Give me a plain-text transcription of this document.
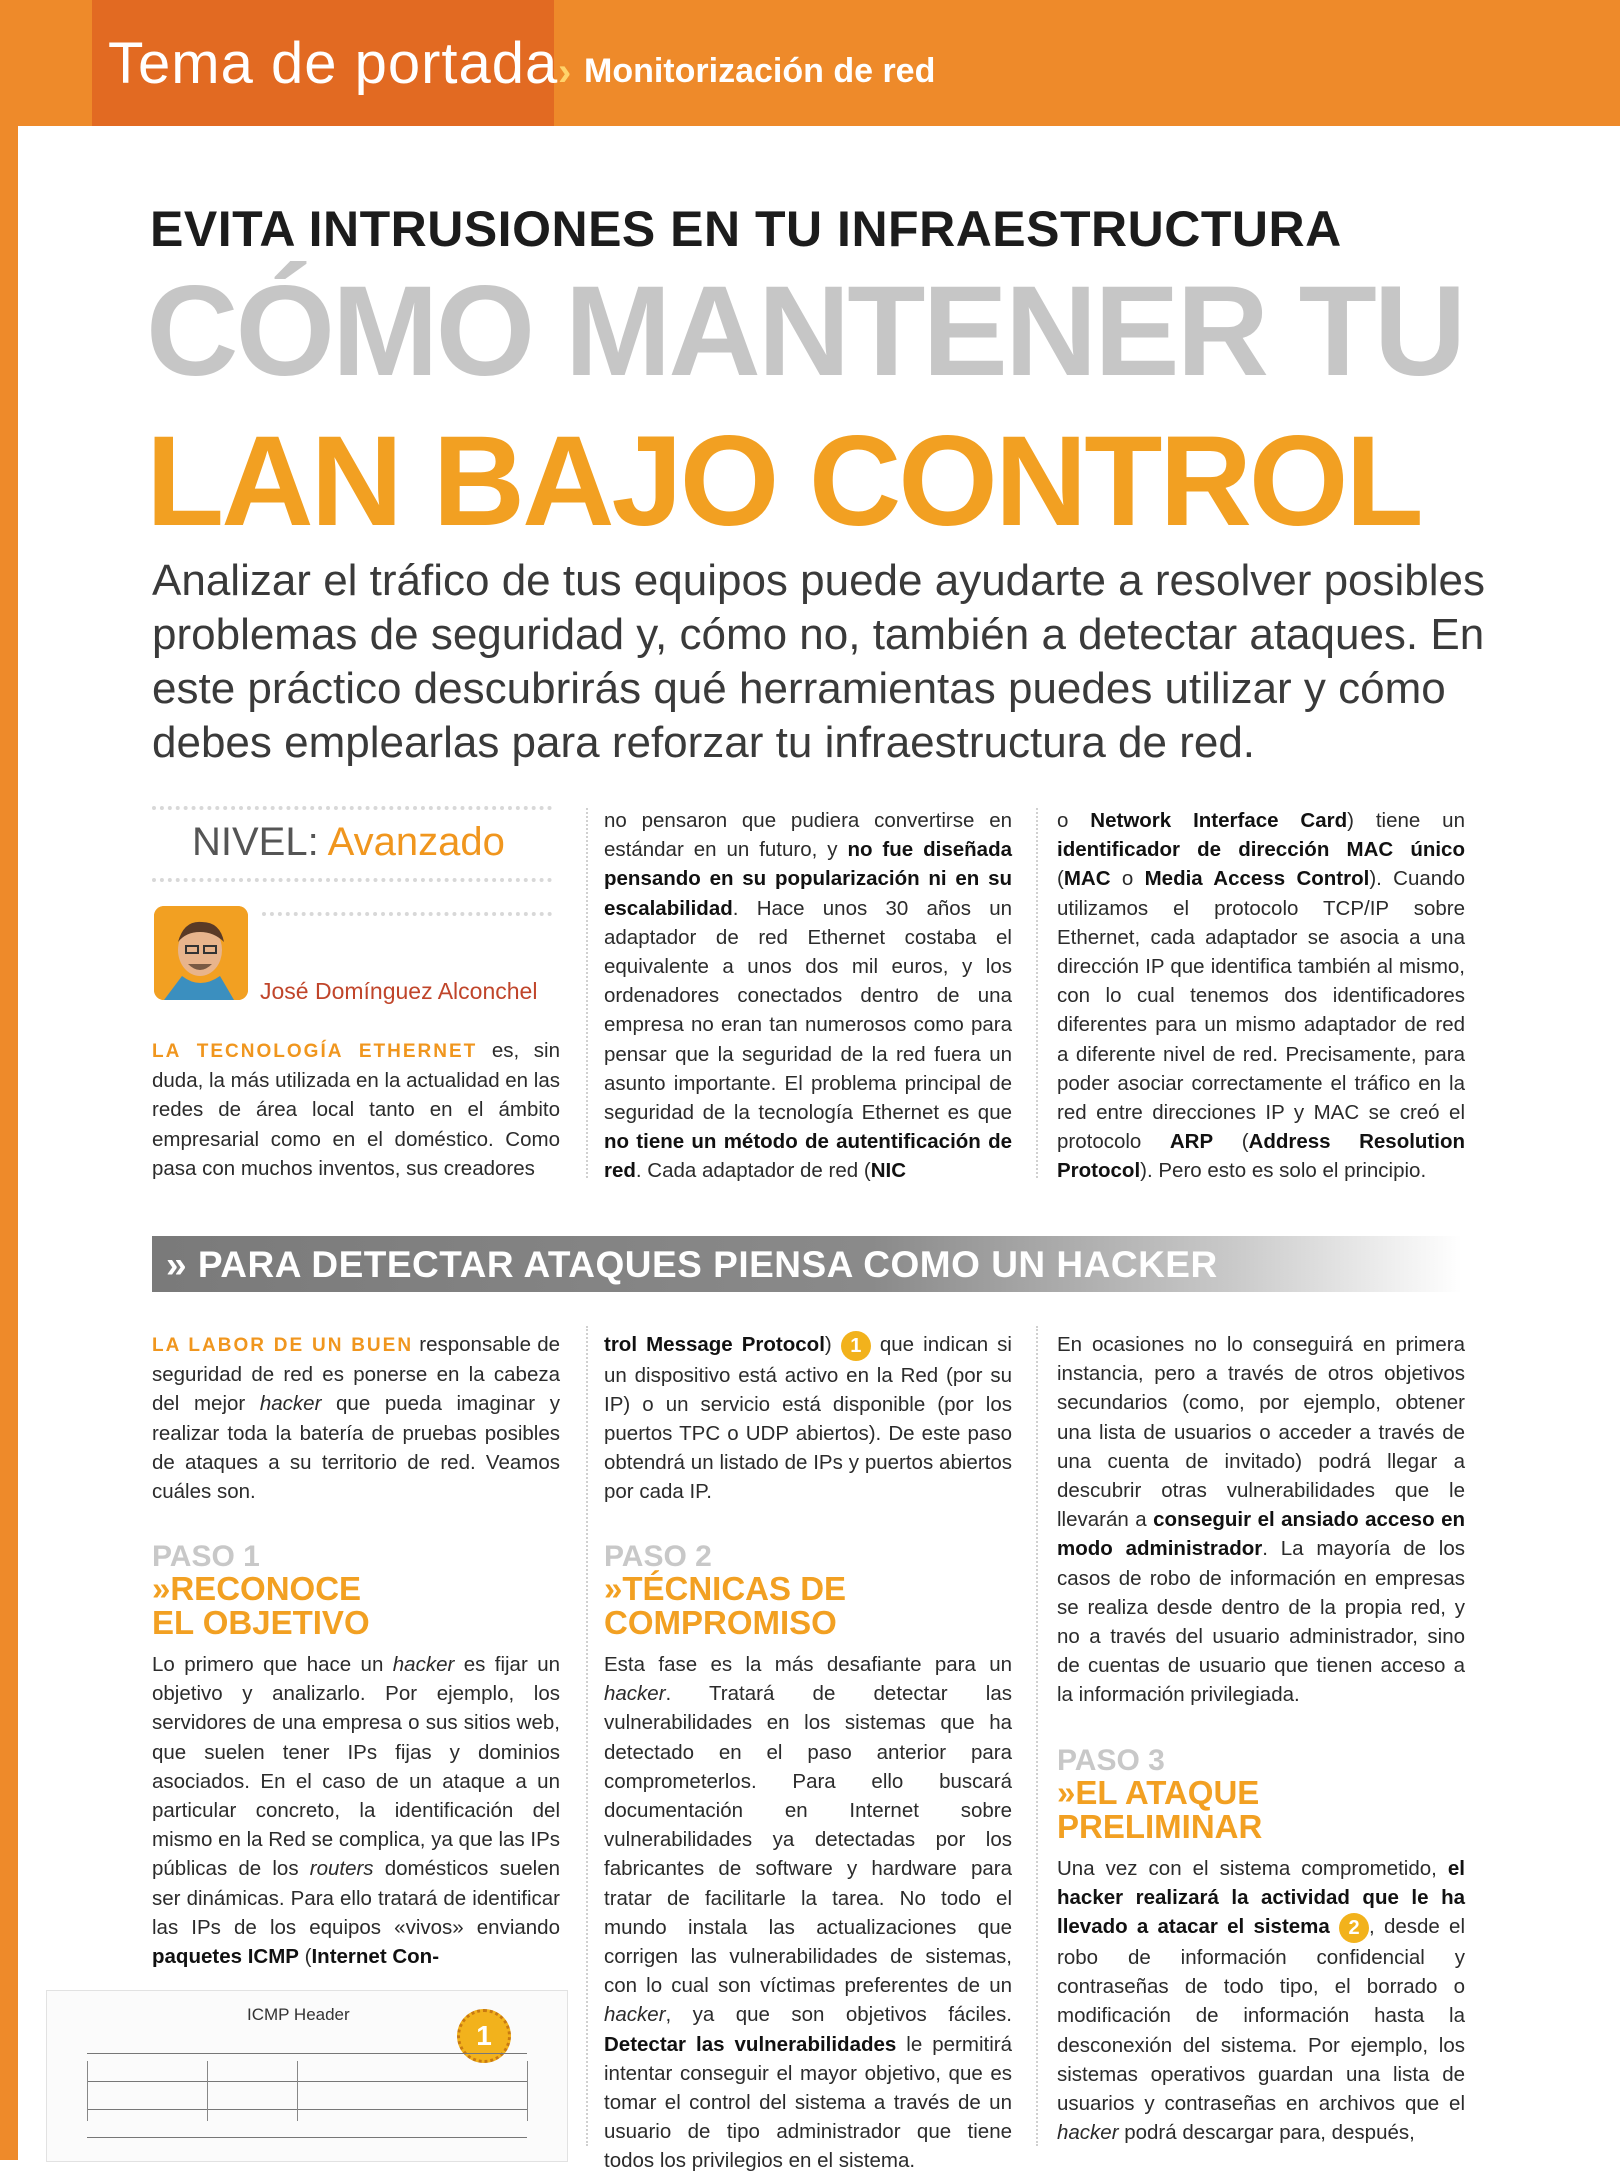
Tema de portada › Monitorización de red
EVITA INTRUSIONES EN TU INFRAESTRUCTURA
CÓMO MANTENER TU
LAN BAJO CONTROL
Analizar el tráfico de tus equipos puede ayudarte a resolver posibles problemas de seguridad y, cómo no, también a detectar ataques. En este práctico descubrirás qué herramientas puedes utilizar y cómo debes emplearlas para reforzar tu infraestructura de red.
NIVEL: Avanzado
José Domínguez Alconchel
LA TECNOLOGÍA ETHERNET es, sin duda, la más utilizada en la actualidad en las redes de área local tanto en el ámbito empresarial como en el doméstico. Como pasa con muchos inventos, sus creadores
no pensaron que pudiera convertirse en estándar en un futuro, y no fue diseñada pensando en su popularización ni en su escalabilidad. Hace unos 30 años un adaptador de red Ethernet costaba el equivalente a unos dos mil euros, y los ordenadores conectados dentro de una empresa no eran tan numerosos como para pensar que la seguridad de la red fuera un asunto importante. El problema principal de seguridad de la tecnología Ethernet es que no tiene un método de autentificación de red. Cada adaptador de red (NIC
o Network Interface Card) tiene un identificador de dirección MAC único (MAC o Media Access Control). Cuando utilizamos el protocolo TCP/IP sobre Ethernet, cada adaptador se asocia a una dirección IP que identifica también al mismo, con lo cual tenemos dos identificadores diferentes para un mismo adaptador de red a diferente nivel de red. Precisamente, para poder asociar correctamente el tráfico en la red entre direcciones IP y MAC se creó el protocolo ARP (Address Resolution Protocol). Pero esto es solo el principio.
» PARA DETECTAR ATAQUES PIENSA COMO UN HACKER
LA LABOR DE UN BUEN responsable de seguridad de red es ponerse en la cabeza del mejor hacker que pueda imaginar y realizar toda la batería de pruebas posibles de ataques a su territorio de red. Veamos cuáles son.
PASO 1
»RECONOCE
EL OBJETIVO
Lo primero que hace un hacker es fijar un objetivo y analizarlo. Por ejemplo, los servidores de una empresa o sus sitios web, que suelen tener IPs fijas y dominios asociados. En el caso de un ataque a un particular concreto, la identificación del mismo en la Red se complica, ya que las IPs públicas de los routers domésticos suelen ser dinámicas. Para ello tratará de identificar las IPs de los equipos «vivos» enviando paquetes ICMP (Internet Con-
ICMP Header
1
trol Message Protocol) 1 que indican si un dispositivo está activo en la Red (por su IP) o un servicio está disponible (por los puertos TPC o UDP abiertos). De este paso obtendrá un listado de IPs y puertos abiertos por cada IP.
PASO 2
»TÉCNICAS DE
COMPROMISO
Esta fase es la más desafiante para un hacker. Tratará de detectar las vulnerabilidades en los sistemas que ha detectado en el paso anterior para comprometerlos. Para ello buscará documentación en Internet sobre vulnerabilidades ya detectadas por los fabricantes de software y hardware para tratar de facilitarle la tarea. No todo el mundo instala las actualizaciones que corrigen las vulnerabilidades de sistemas, con lo cual son víctimas preferentes de un hacker, ya que son objetivos fáciles. Detectar las vulnerabilidades le permitirá intentar conseguir el mayor objetivo, que es tomar el control del sistema a través de un usuario de tipo administrador que tiene todos los privilegios en el sistema.
En ocasiones no lo conseguirá en primera instancia, pero a través de otros objetivos secundarios (como, por ejemplo, obtener una lista de usuarios o acceder a través de una cuenta de invitado) podrá llegar a descubrir otras vulnerabilidades que le llevarán a conseguir el ansiado acceso en modo administrador. La mayoría de los casos de robo de información en empresas se realiza desde dentro de la propia red, y no a través del usuario administrador, sino de cuentas de usuario que tienen acceso a la información privilegiada.
PASO 3
»EL ATAQUE
PRELIMINAR
Una vez con el sistema comprometido, el hacker realizará la actividad que le ha llevado a atacar el sistema 2 , desde el robo de información confidencial y contraseñas de todo tipo, el borrado o modificación de información hasta la desconexión del sistema. Por ejemplo, los sistemas operativos guardan una lista de usuarios y contraseñas en archivos que el hacker podrá descargar para, después,
